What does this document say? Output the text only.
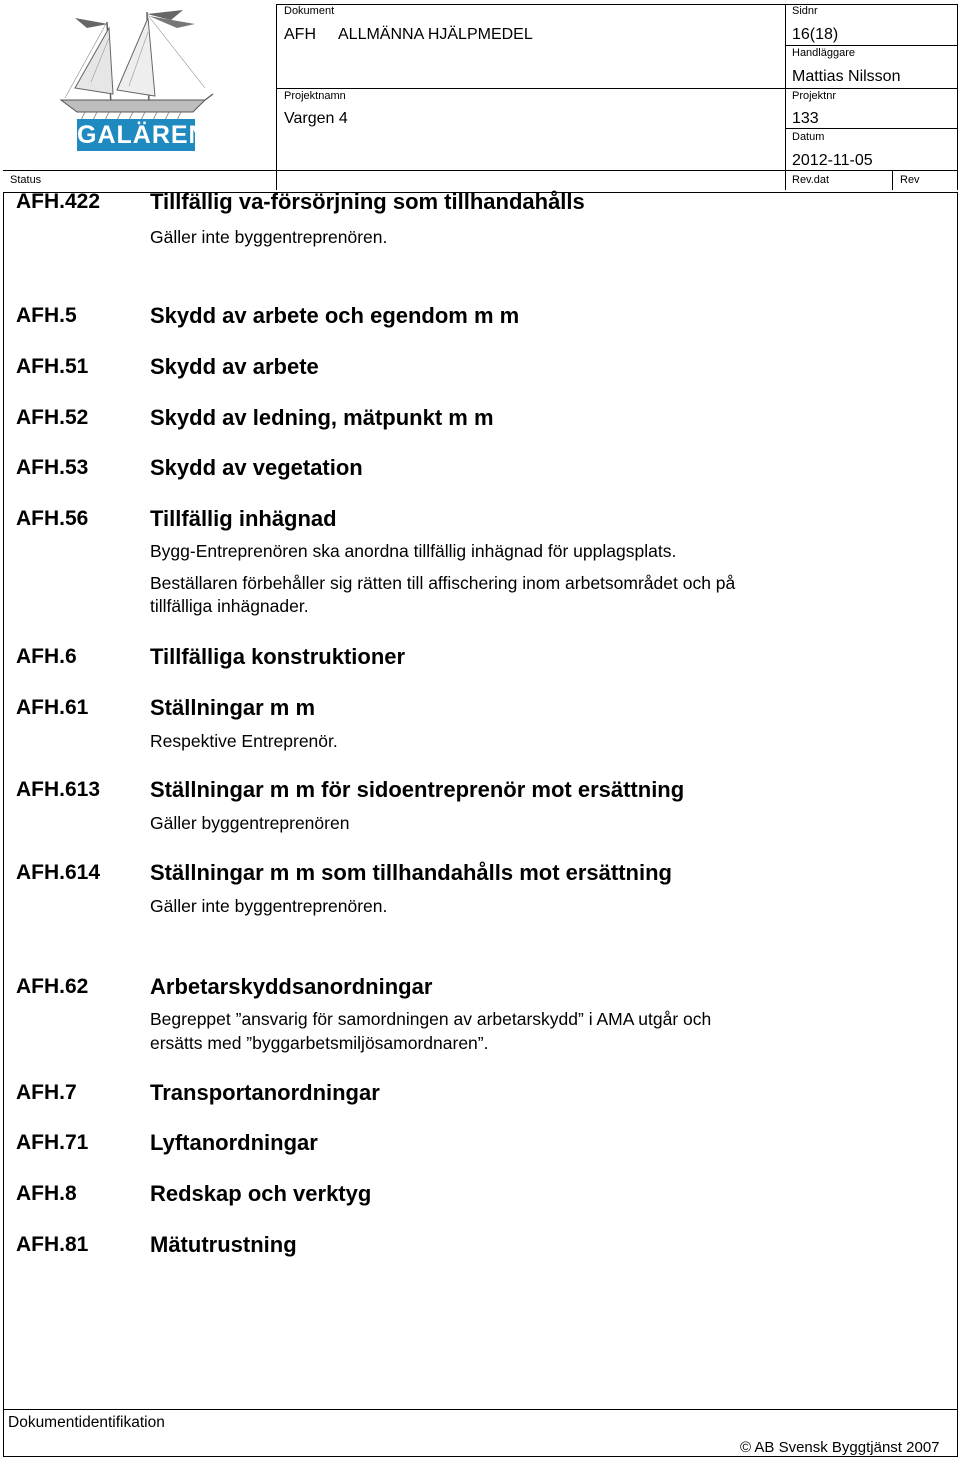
GALÄREN
Dokument
AFH ALLMÄNNA HJÄLPMEDEL
Sidnr
16(18)
Handläggare
Mattias Nilsson
Projektnamn
Vargen 4
Projektnr
133
Datum
2012-11-05
Status	Rev.dat	Rev
AFH.422 Tillfällig va-försörjning som tillhandahålls
Gäller inte byggentreprenören.
AFH.5	Skydd av arbete och egendom m m
AFH.51	Skydd av arbete
AFH.52	Skydd av ledning, mätpunkt m m
AFH.53	Skydd av vegetation
AFH.56	Tillfällig inhägnad
Bygg-Entreprenören ska anordna tillfällig inhägnad för upplagsplats.
Beställaren förbehåller sig rätten till affischering inom arbetsområdet och på
tillfälliga inhägnader.
AFH.6	Tillfälliga konstruktioner
AFH.61	Ställningar m m
Respektive Entreprenör.
AFH.613 Ställningar m m för sidoentreprenör mot ersättning
Gäller byggentreprenören
AFH.614 Ställningar m m som tillhandahålls mot ersättning
Gäller inte byggentreprenören.
AFH.62	Arbetarskyddsanordningar
Begreppet ”ansvarig för samordningen av arbetarskydd” i AMA utgår och
ersätts med ”byggarbetsmiljösamordnaren”.
AFH.7	Transportanordningar
AFH.71	Lyftanordningar
AFH.8	Redskap och verktyg
AFH.81	Mätutrustning
Dokumentidentifikation
© AB Svensk Byggtjänst 2007
